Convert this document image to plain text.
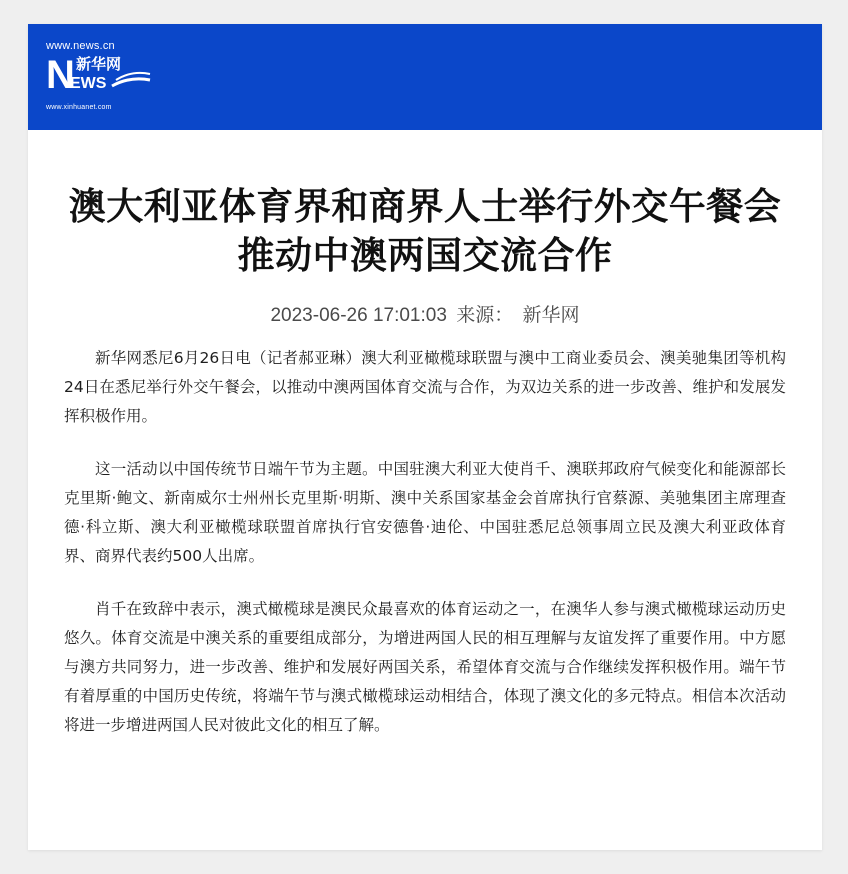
www.news.cn
N 新华网
EWS
www.xinhuanet.com
澳大利亚体育界和商界人士举行外交午餐会
推动中澳两国交流合作
2023-06-26 17:01:03 来源： 新华网

新华网悉尼6月26日电（记者郝亚琳）澳大利亚橄榄球联盟与澳中工商业委员会、澳美驰集团等机构24日在悉尼举行外交午餐会，以推动中澳两国体育交流与合作，为双边关系的进一步改善、维护和发展发挥积极作用。

这一活动以中国传统节日端午节为主题。中国驻澳大利亚大使肖千、澳联邦政府气候变化和能源部长克里斯·鲍文、新南威尔士州州长克里斯·明斯、澳中关系国家基金会首席执行官蔡源、美驰集团主席理查德·科立斯、澳大利亚橄榄球联盟首席执行官安德鲁·迪伦、中国驻悉尼总领事周立民及澳大利亚政体育界、商界代表约500人出席。

肖千在致辞中表示，澳式橄榄球是澳民众最喜欢的体育运动之一，在澳华人参与澳式橄榄球运动历史悠久。体育交流是中澳关系的重要组成部分，为增进两国人民的相互理解与友谊发挥了重要作用。中方愿与澳方共同努力，进一步改善、维护和发展好两国关系，希望体育交流与合作继续发挥积极作用。端午节有着厚重的中国历史传统，将端午节与澳式橄榄球运动相结合，体现了澳文化的多元特点。相信本次活动将进一步增进两国人民对彼此文化的相互了解。
